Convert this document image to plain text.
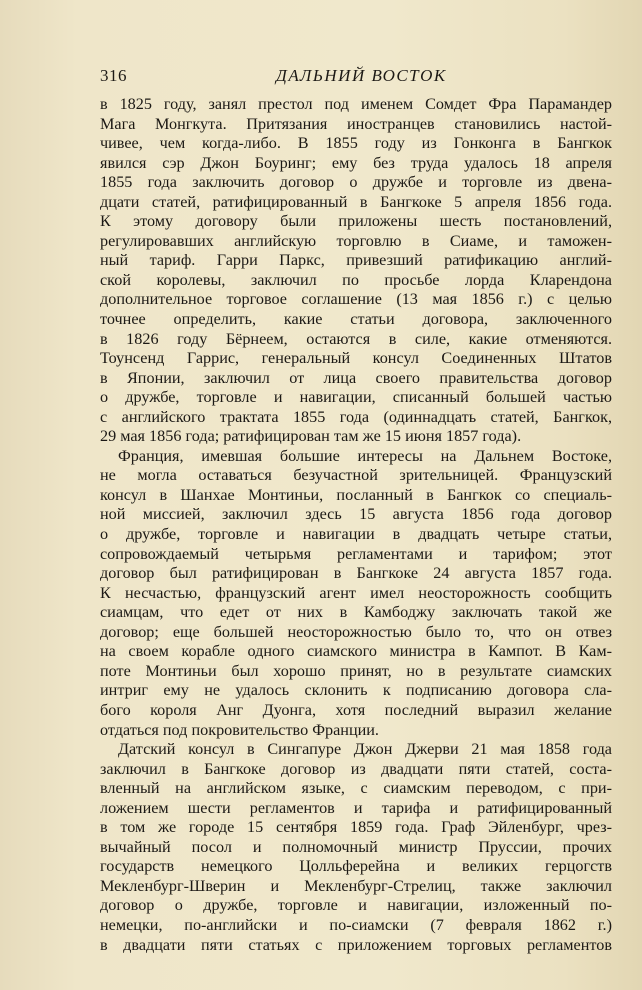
316	ДАЛЬНИЙ ВОСТОК
в 1825 году, занял престол под именем Сомдет Фра Парамандер
Мага Монгкута. Притязания иностранцев становились настой-
чивее, чем когда-либо. В 1855 году из Гонконга в Бангкок
явился сэр Джон Боуринг; ему без труда удалось 18 апреля
1855 года заключить договор о дружбе и торговле из двена-
дцати статей, ратифицированный в Бангкоке 5 апреля 1856 года.
К этому договору были приложены шесть постановлений,
регулировавших английскую торговлю в Сиаме, и таможен-
ный тариф. Гарри Паркс, привезший ратификацию англий-
ской королевы, заключил по просьбе лорда Кларендона
дополнительное торговое соглашение (13 мая 1856 г.) с целью
точнее определить, какие статьи договора, заключенного
в 1826 году Бёрнеем, остаются в силе, какие отменяются.
Тоунсенд Гаррис, генеральный консул Соединенных Штатов
в Японии, заключил от лица своего правительства договор
о дружбе, торговле и навигации, списанный большей частью
с английского трактата 1855 года (одиннадцать статей, Бангкок,
29 мая 1856 года; ратифицирован там же 15 июня 1857 года).
Франция, имевшая большие интересы на Дальнем Востоке,
не могла оставаться безучастной зрительницей. Французский
консул в Шанхае Монтиньи, посланный в Бангкок со специаль-
ной миссией, заключил здесь 15 августа 1856 года договор
о дружбе, торговле и навигации в двадцать четыре статьи,
сопровождаемый четырьмя регламентами и тарифом; этот
договор был ратифицирован в Бангкоке 24 августа 1857 года.
К несчастью, французский агент имел неосторожность сообщить
сиамцам, что едет от них в Камбоджу заключать такой же
договор; еще большей неосторожностью было то, что он отвез
на своем корабле одного сиамского министра в Кампот. В Кам-
поте Монтиньи был хорошо принят, но в результате сиамских
интриг ему не удалось склонить к подписанию договора сла-
бого короля Анг Дуонга, хотя последний выразил желание
отдаться под покровительство Франции.
Датский консул в Сингапуре Джон Джерви 21 мая 1858 года
заключил в Бангкоке договор из двадцати пяти статей, соста-
вленный на английском языке, с сиамским переводом, с при-
ложением шести регламентов и тарифа и ратифицированный
в том же городе 15 сентября 1859 года. Граф Эйленбург, чрез-
вычайный посол и полномочный министр Пруссии, прочих
государств немецкого Цолльферейна и великих герцогств
Мекленбург-Шверин и Мекленбург-Стрелиц, также заключил
договор о дружбе, торговле и навигации, изложенный по-
немецки, по-английски и по-сиамски (7 февраля 1862 г.)
в двадцати пяти статьях с приложением торговых регламентов
